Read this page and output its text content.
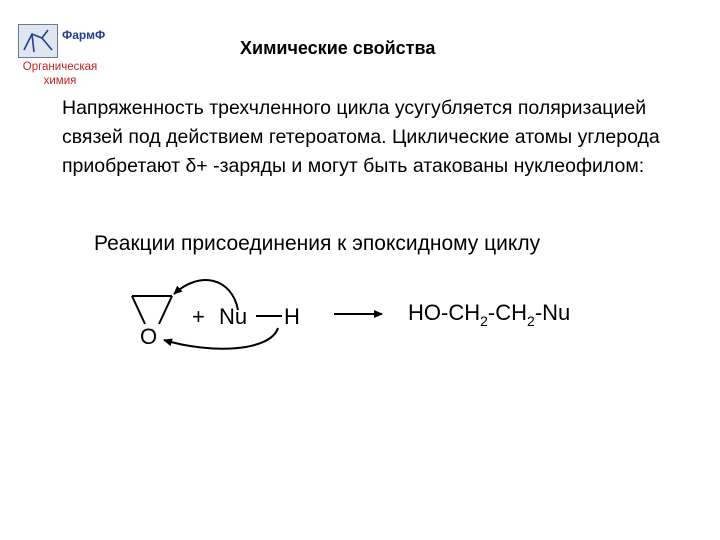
ФармФ
Органическая химия
Химические свойства

Напряженность трехчленного цикла усугубляется поляризацией связей под действием гетероатома. Циклические атомы углерода приобретают δ+ -заряды и могут быть атакованы нуклеофилом:

Реакции присоединения к эпоксидному циклу
O
+ Nu H	$HO-CH_2-CH_2-Nu$
